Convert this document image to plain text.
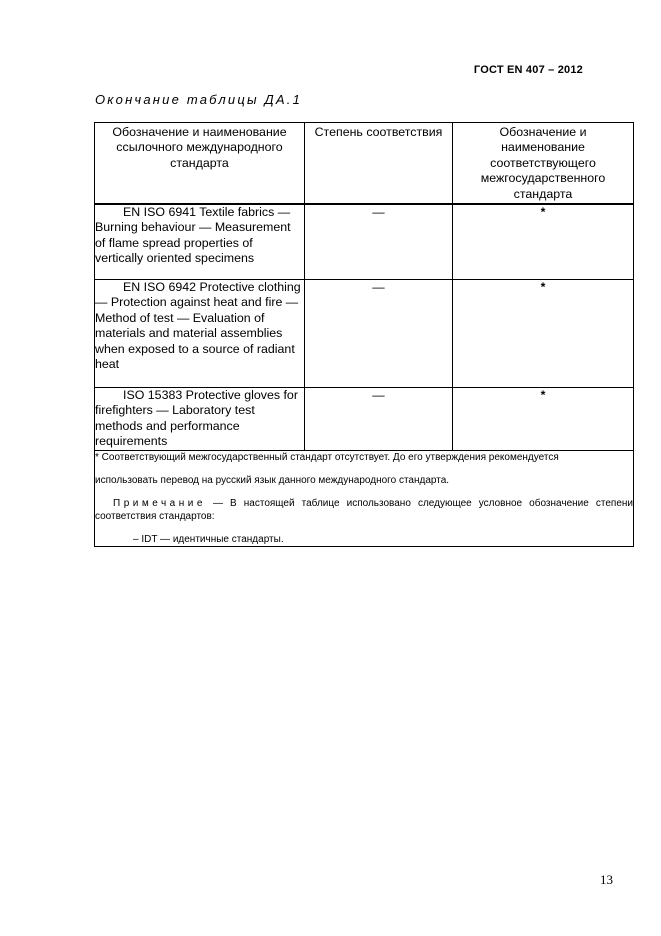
ГОСТ EN 407 – 2012
Окончание таблицы ДА.1
Обозначение и наименование ссылочного международного стандарта	Степень соответствия	Обозначение и наименование соответствующего межгосударственного стандарта
EN ISO 6941 Textile fabrics — Burning behaviour — Measurement of flame spread properties of vertically oriented specimens	—	*
EN ISO 6942 Protective clothing — Protection against heat and fire — Method of test — Evaluation of materials and material assemblies when exposed to a source of radiant heat	—	*
ISO 15383 Protective gloves for firefighters — Laboratory test methods and performance requirements	—	*

* Соответствующий межгосударственный стандарт отсутствует. До его утверждения рекомендуется

использовать перевод на русский язык данного международного стандарта.

Примечание — В настоящей таблице использовано следующее условное обозначение степени соответствия стандартов:

– IDT — идентичные стандарты.		

13
